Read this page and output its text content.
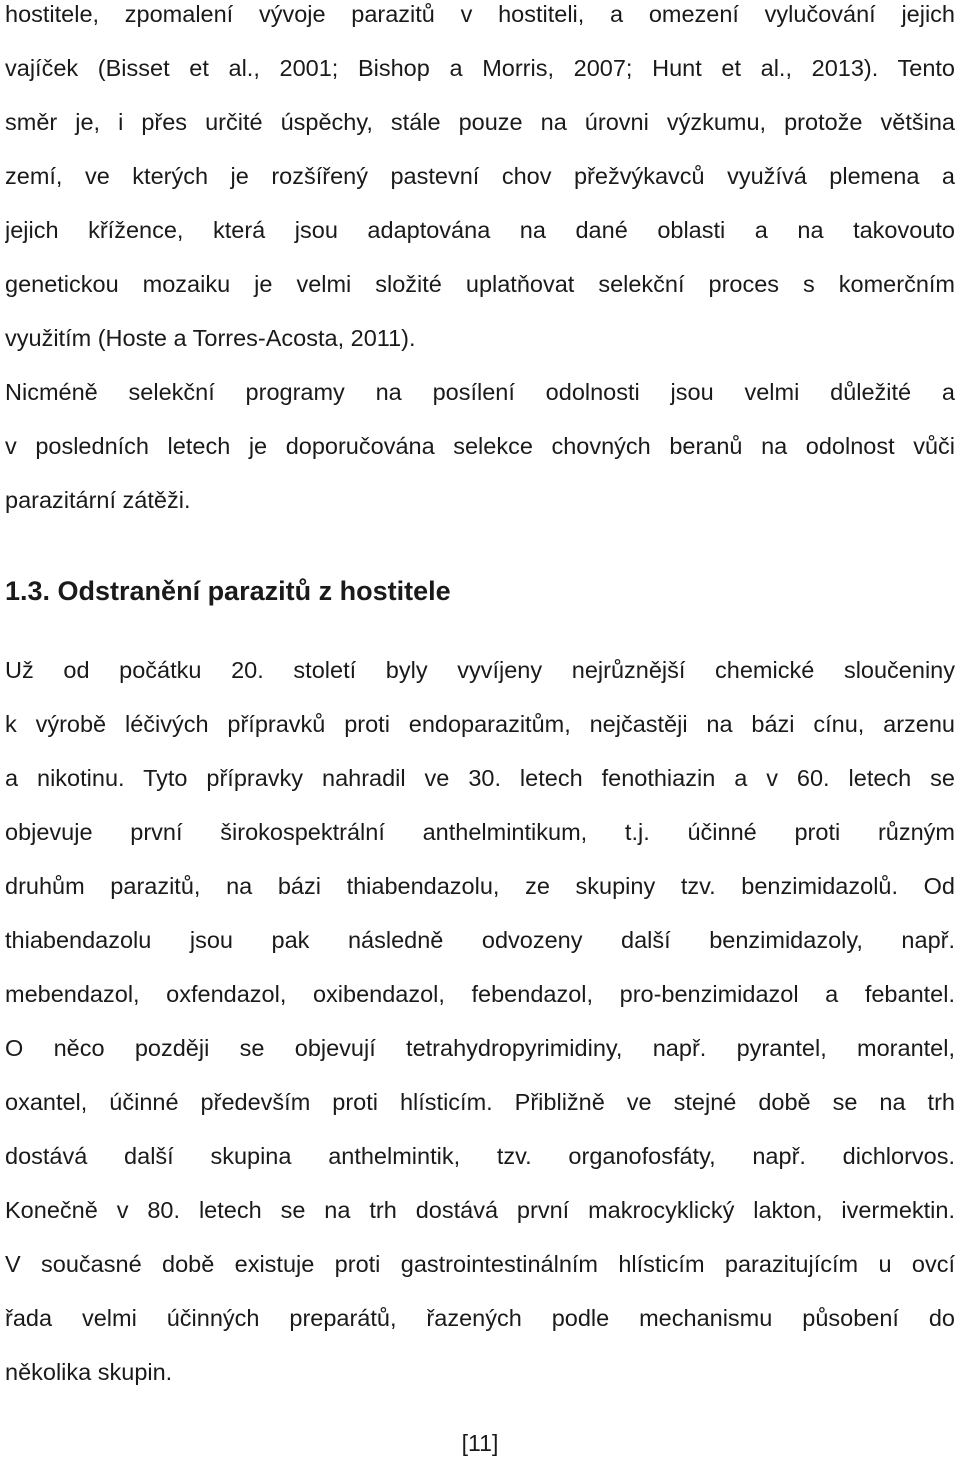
hostitele, zpomalení vývoje parazitů v hostiteli, a omezení vylučování jejich
vajíček (Bisset et al., 2001; Bishop a Morris, 2007; Hunt et al., 2013). Tento
směr je, i přes určité úspěchy, stále pouze na úrovni výzkumu, protože většina
zemí, ve kterých je rozšířený pastevní chov přežvýkavců využívá plemena a
jejich křížence, která jsou adaptována na dané oblasti a na takovouto
genetickou mozaiku je velmi složité uplatňovat selekční proces s komerčním
využitím (Hoste a Torres-Acosta, 2011).
Nicméně selekční programy na posílení odolnosti jsou velmi důležité a
v posledních letech je doporučována selekce chovných beranů na odolnost vůči
parazitární zátěži.
1.3. Odstranění parazitů z hostitele
Už od počátku 20. století byly vyvíjeny nejrůznější chemické sloučeniny
k výrobě léčivých přípravků proti endoparazitům, nejčastěji na bázi cínu, arzenu
a nikotinu. Tyto přípravky nahradil ve 30. letech fenothiazin a v 60. letech se
objevuje první širokospektrální anthelmintikum, t.j. účinné proti různým
druhům parazitů, na bázi thiabendazolu, ze skupiny tzv. benzimidazolů. Od
thiabendazolu jsou pak následně odvozeny další benzimidazoly, např.
mebendazol, oxfendazol, oxibendazol, febendazol, pro-benzimidazol a febantel.
O něco později se objevují tetrahydropyrimidiny, např. pyrantel, morantel,
oxantel, účinné především proti hlísticím. Přibližně ve stejné době se na trh
dostává další skupina anthelmintik, tzv. organofosfáty, např. dichlorvos.
Konečně v 80. letech se na trh dostává první makrocyklický lakton, ivermektin.
V současné době existuje proti gastrointestinálním hlísticím parazitujícím u ovcí
řada velmi účinných preparátů, řazených podle mechanismu působení do
několika skupin.
[11]
